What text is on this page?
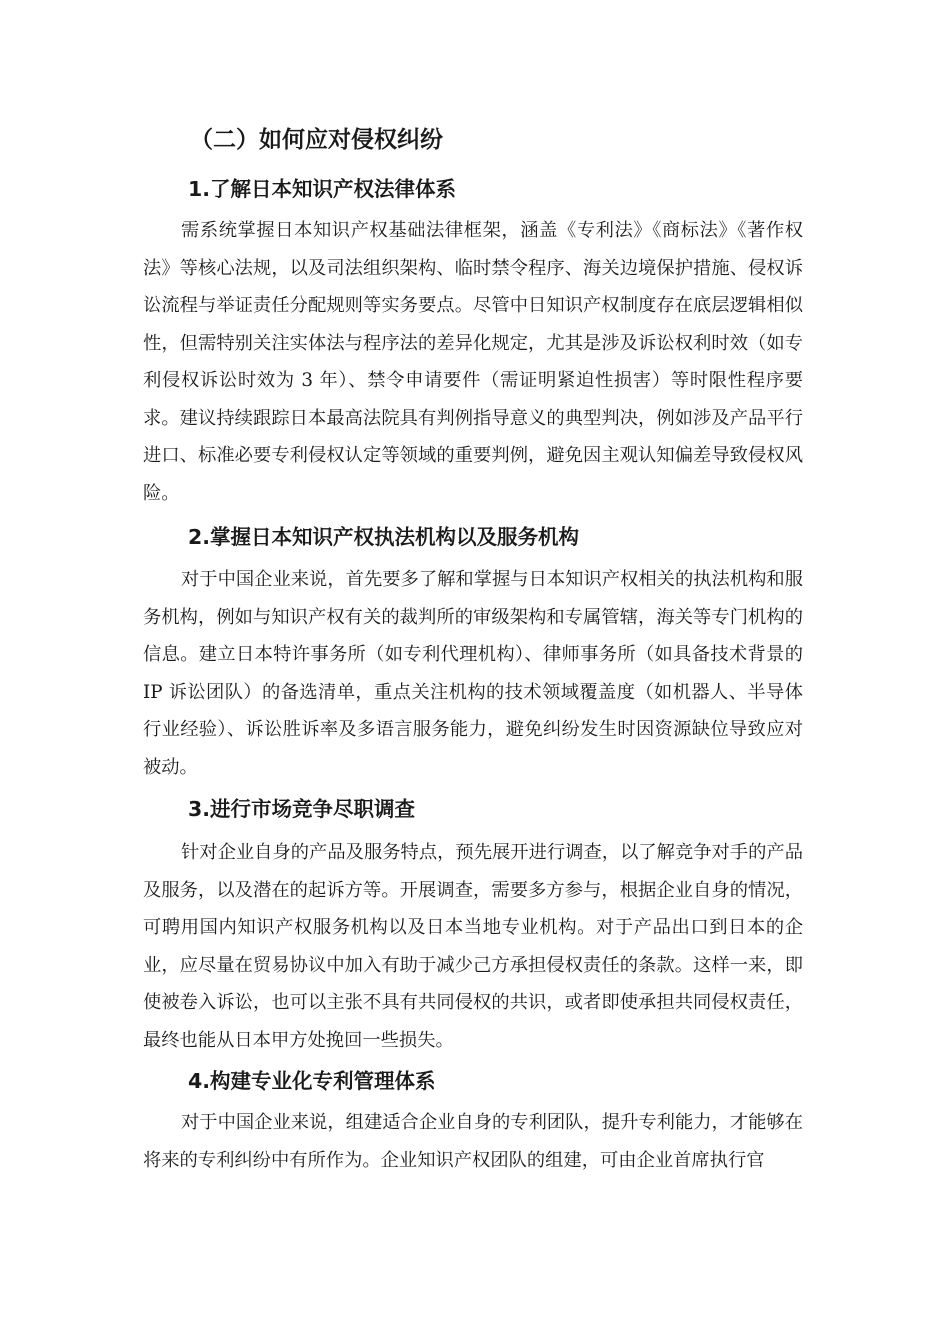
（二）如何应对侵权纠纷
1.了解日本知识产权法律体系
需系统掌握日本知识产权基础法律框架，涵盖《专利法》《商标法》《著作权法》等核心法规，以及司法组织架构、临时禁令程序、海关边境保护措施、侵权诉讼流程与举证责任分配规则等实务要点。尽管中日知识产权制度存在底层逻辑相似性，但需特别关注实体法与程序法的差异化规定，尤其是涉及诉讼权利时效（如专利侵权诉讼时效为 3 年）、禁令申请要件（需证明紧迫性损害）等时限性程序要求。建议持续跟踪日本最高法院具有判例指导意义的典型判决，例如涉及产品平行进口、标准必要专利侵权认定等领域的重要判例，避免因主观认知偏差导致侵权风险。
2.掌握日本知识产权执法机构以及服务机构
对于中国企业来说，首先要多了解和掌握与日本知识产权相关的执法机构和服务机构，例如与知识产权有关的裁判所的审级架构和专属管辖，海关等专门机构的信息。建立日本特许事务所（如专利代理机构）、律师事务所（如具备技术背景的 IP 诉讼团队）的备选清单，重点关注机构的技术领域覆盖度（如机器人、半导体行业经验）、诉讼胜诉率及多语言服务能力，避免纠纷发生时因资源缺位导致应对被动。
3.进行市场竞争尽职调查
针对企业自身的产品及服务特点，预先展开进行调查，以了解竞争对手的产品及服务，以及潜在的起诉方等。开展调查，需要多方参与，根据企业自身的情况，可聘用国内知识产权服务机构以及日本当地专业机构。对于产品出口到日本的企业，应尽量在贸易协议中加入有助于减少己方承担侵权责任的条款。这样一来，即使被卷入诉讼，也可以主张不具有共同侵权的共识，或者即使承担共同侵权责任，最终也能从日本甲方处挽回一些损失。
4.构建专业化专利管理体系
对于中国企业来说，组建适合企业自身的专利团队，提升专利能力，才能够在将来的专利纠纷中有所作为。企业知识产权团队的组建，可由企业首席执行官
